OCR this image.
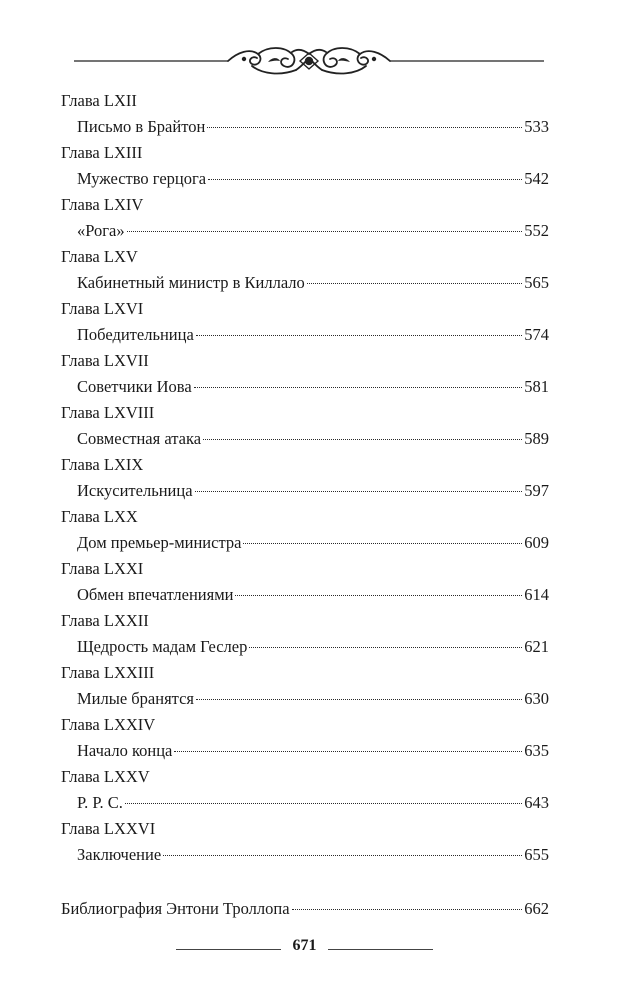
Глава LXII
Письмо в Брайтон	533
Глава LXIII
Мужество герцога	542
Глава LXIV
«Рога»	552
Глава LXV
Кабинетный министр в Киллало	565
Глава LXVI
Победительница	574
Глава LXVII
Советчики Иова	581
Глава LXVIII
Совместная атака	589
Глава LXIX
Искусительница	597
Глава LXX
Дом премьер-министра	609
Глава LXXI
Обмен впечатлениями	614
Глава LXXII
Щедрость мадам Геслер	621
Глава LXXIII
Милые бранятся	630
Глава LXXIV
Начало конца	635
Глава LXXV
Р. Р. С.	643
Глава LXXVI
Заключение	655
Библиография Энтони Троллопа	662
671
